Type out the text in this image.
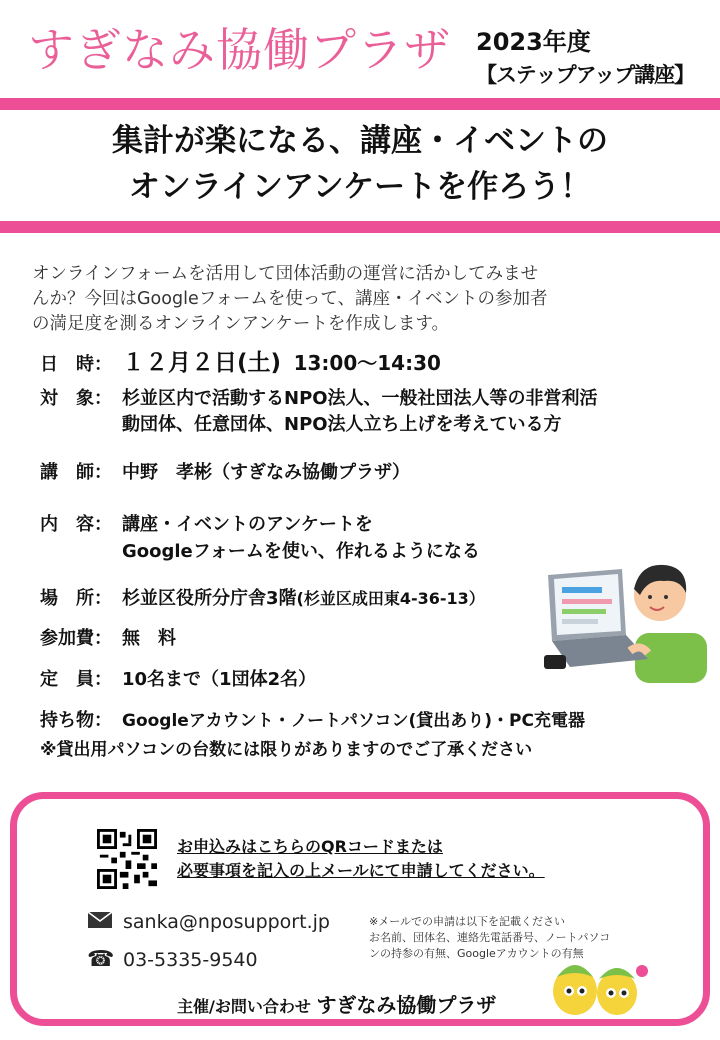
すぎなみ協働プラザ 2023年度
【ステップアップ講座】
集計が楽になる、講座・イベントの
オンラインアンケートを作ろう！
オンラインフォームを活用して団体活動の運営に活かしてみませ
んか？今回はGoogleフォームを使って、講座・イベントの参加者
の満足度を測るオンラインアンケートを作成します。
日　時： １２月２日(土) 13:00～14:30
対　象： 杉並区内で活動するNPO法人、一般社団法人等の非営利活
動団体、任意団体、NPO法人立ち上げを考えている方
講　師： 中野　孝彬（すぎなみ協働プラザ）
内　容： 講座・イベントのアンケートを
Googleフォームを使い、作れるようになる
場　所： 杉並区役所分庁舎3階(杉並区成田東4-36-13）
参加費： 無　料
定　員： 10名まで（1団体2名）
持ち物： Googleアカウント・ノートパソコン(貸出あり)・PC充電器
※貸出用パソコンの台数には限りがありますのでご了承ください
お申込みはこちらのQRコードまたは
必要事項を記入の上メールにて申請してください。
sanka@nposupport.jp
☎ 03-5335-9540
※メールでの申請は以下を記載ください
お名前、団体名、連絡先電話番号、ノートパソコ
ンの持参の有無、Googleアカウントの有無
主催/お問い合わせ すぎなみ協働プラザ
